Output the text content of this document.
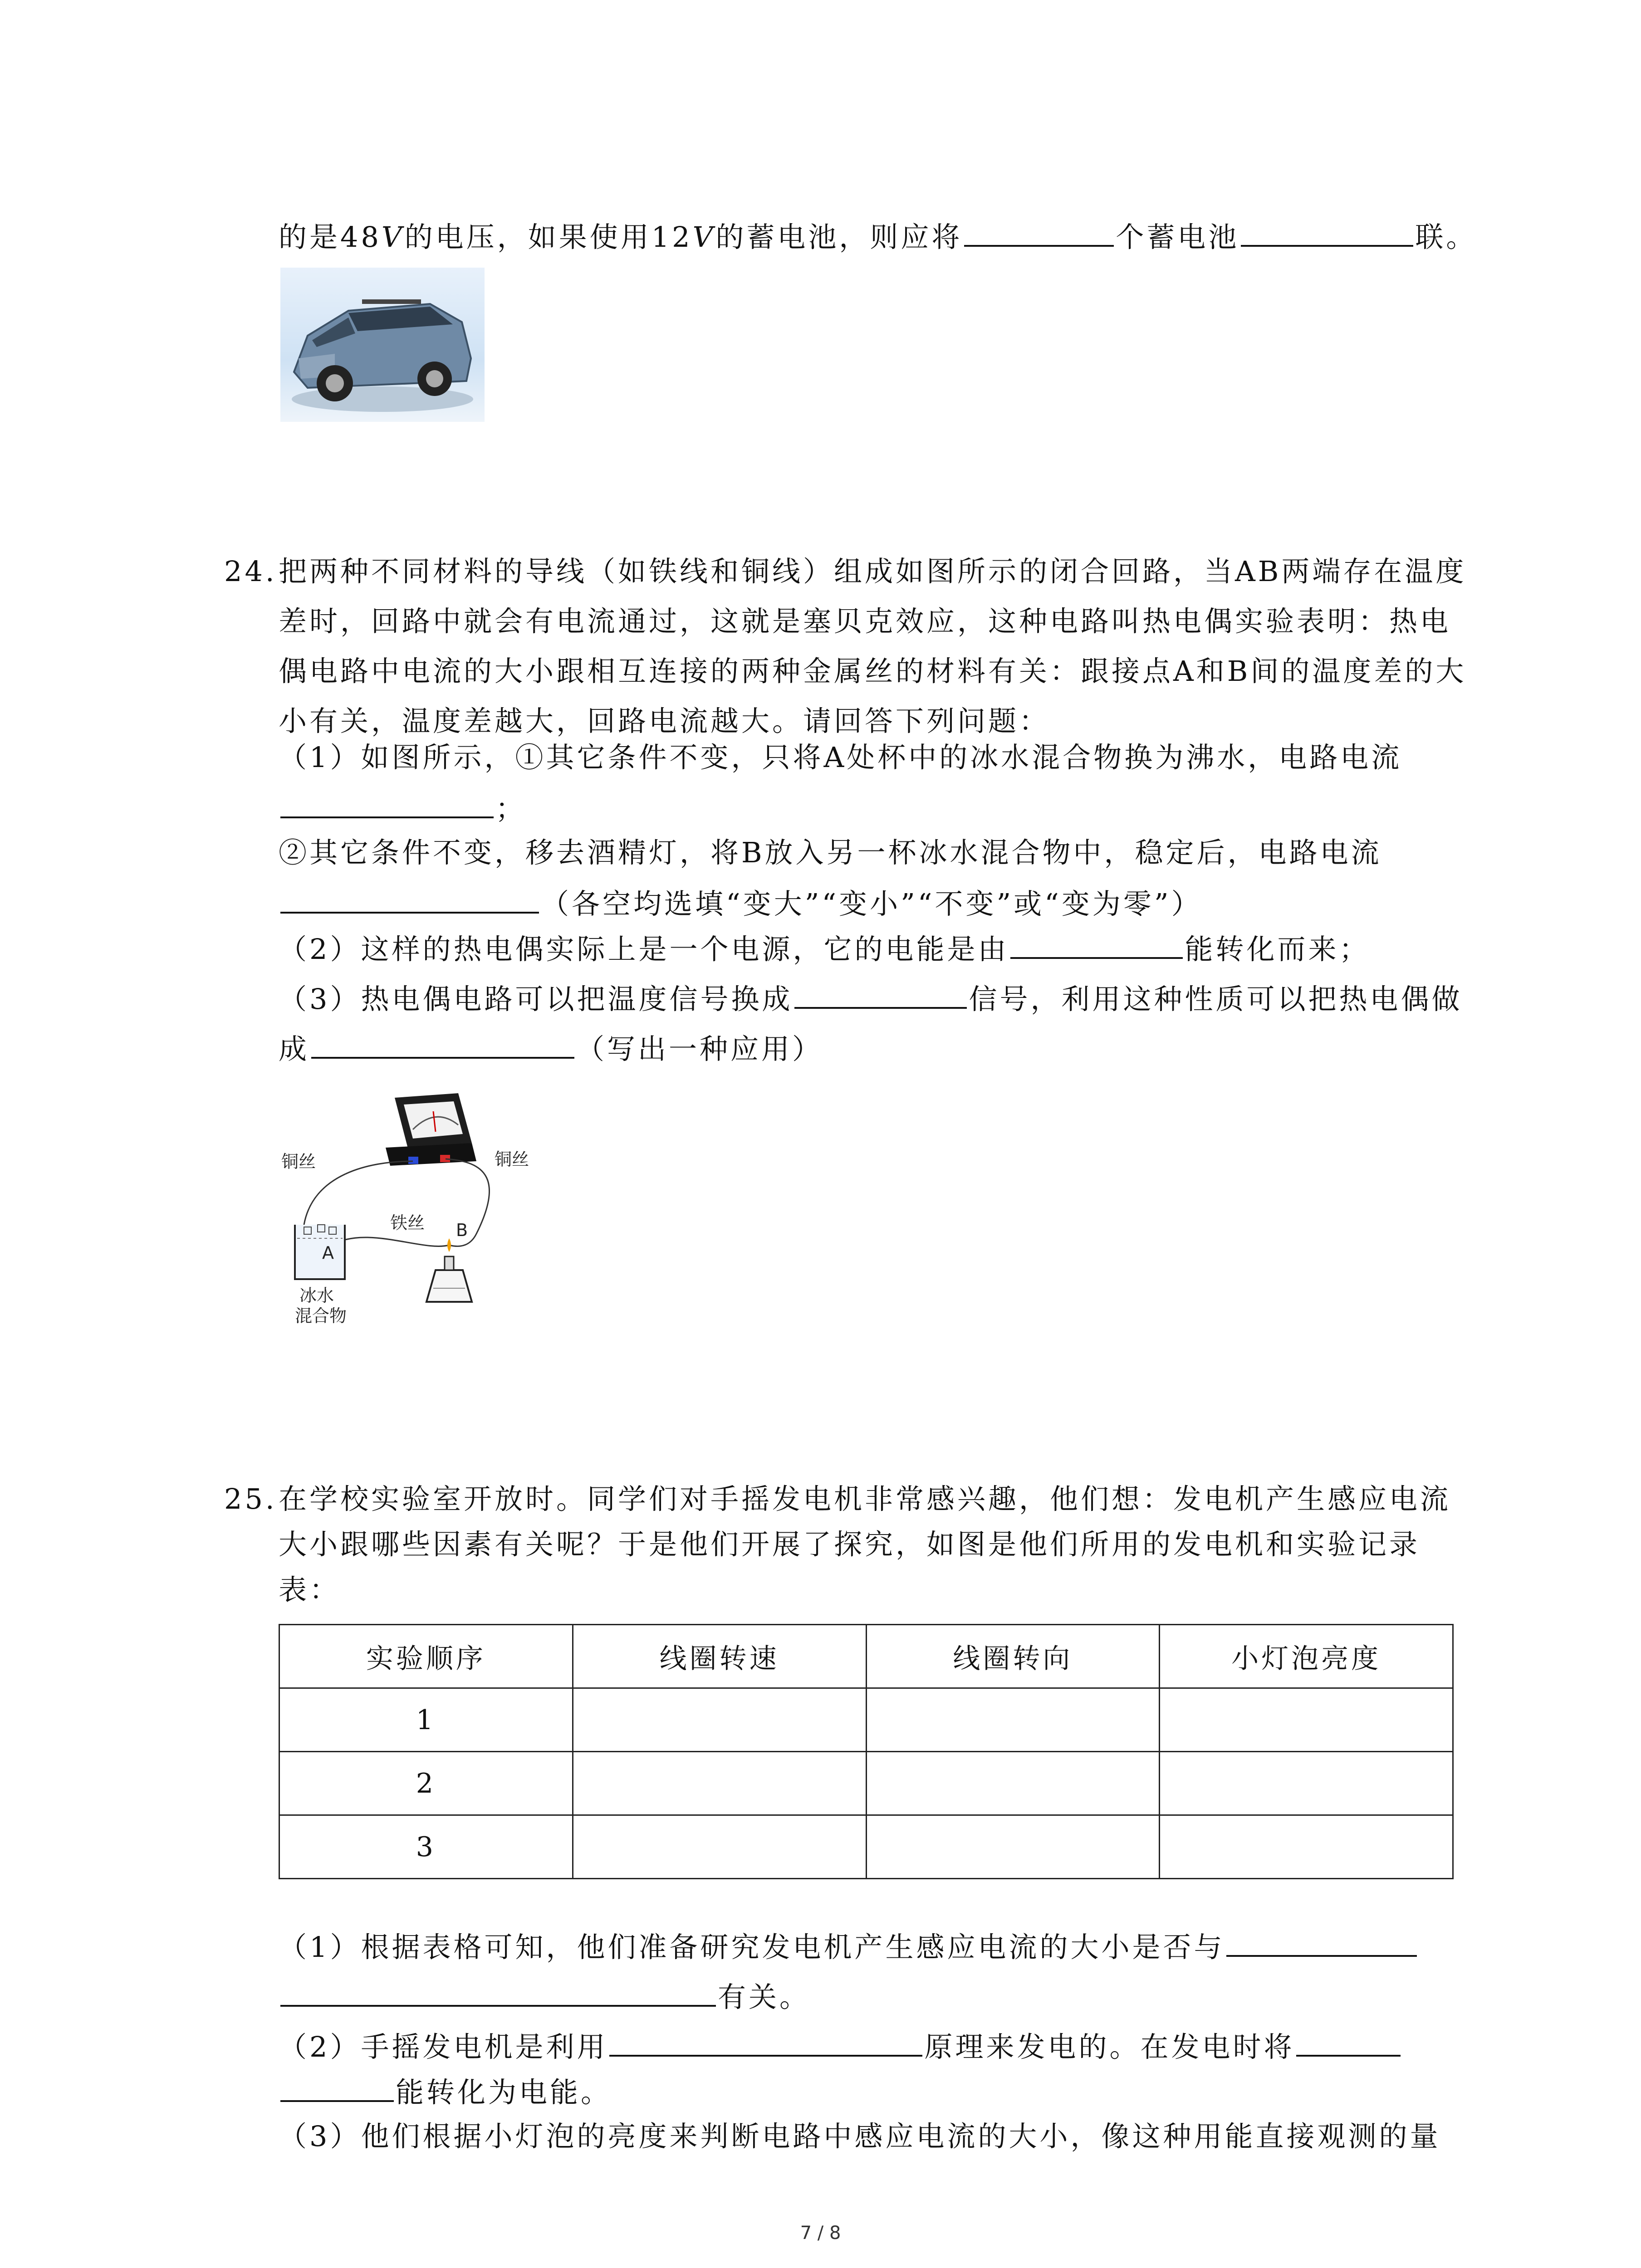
的是48V的电压，如果使用12V的蓄电池，则应将	个蓄电池	联。
24. 把两种不同材料的导线（如铁线和铜线）组成如图所示的闭合回路，当AB两端存在温度
差时，回路中就会有电流通过，这就是塞贝克效应，这种电路叫热电偶实验表明：热电
偶电路中电流的大小跟相互连接的两种金属丝的材料有关：跟接点A和B间的温度差的大
小有关，温度差越大，回路电流越大。请回答下列问题：
（1）如图所示，①其它条件不变，只将A处杯中的冰水混合物换为沸水，电路电流
；
②其它条件不变，移去酒精灯，将B放入另一杯冰水混合物中，稳定后，电路电流
（各空均选填“变大”“变小”“不变”或“变为零”）
（2）这样的热电偶实际上是一个电源，它的电能是由	能转化而来；
（3）热电偶电路可以把温度信号换成	信号，利用这种性质可以把热电偶做
成	（写出一种应用）
铜丝	铜丝
铁丝
A
B
冰水
混合物
25. 在学校实验室开放时。同学们对手摇发电机非常感兴趣，他们想：发电机产生感应电流
大小跟哪些因素有关呢？于是他们开展了探究，如图是他们所用的发电机和实验记录
表：
实验顺序	线圈转速	线圈转向	小灯泡亮度
1			
2			
3			
（1）根据表格可知，他们准备研究发电机产生感应电流的大小是否与
有关。
（2）手摇发电机是利用	原理来发电的。在发电时将
能转化为电能。
（3）他们根据小灯泡的亮度来判断电路中感应电流的大小，像这种用能直接观测的量
7 / 8
